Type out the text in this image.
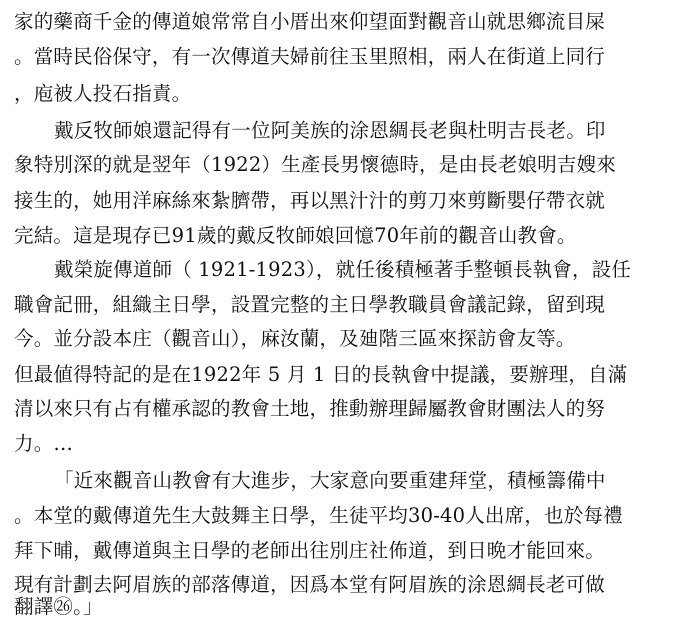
家的藥商千金的傳道娘常常自小厝出來仰望面對觀音山就思鄉流目屎
。當時民俗保守，有一次傳道夫婦前往玉里照相，兩人在街道上同行
，庖被人投石指責。
戴反牧師娘還記得有一位阿美族的涂恩綢長老與杜明吉長老。印
象特別深的就是翌年（1922）生產長男懷德時，是由長老娘明吉嫂來
接生的，她用洋麻絲來紮臍帶，再以黑汁汁的剪刀來剪斷嬰仔帶衣就
完結。這是現存已91歲的戴反牧師娘回憶70年前的觀音山教會。
戴榮旋傳道師（ 1921-1923），就任後積極著手整頓長執會，設任
職會記冊，組織主日學，設置完整的主日學教職員會議記錄，留到現
今。並分設本庄（觀音山），麻汝蘭，及廸階三區來探訪會友等。
但最値得特記的是在1922年 5 月 1 日的長執會中提議，要辦理，自滿
清以來只有占有權承認的教會土地，推動辦理歸屬教會財團法人的努
力。…
「近來觀音山教會有大進步，大家意向要重建拜堂，積極籌備中
。本堂的戴傳道先生大鼓舞主日學，生徒平均30-40人出席，也於每禮
拜下晡，戴傳道與主日學的老師出往別庄社佈道，到日晩才能回來。
現有計劃去阿眉族的部落傳道，因爲本堂有阿眉族的涂恩綢長老可做
翻譯㉖。」
